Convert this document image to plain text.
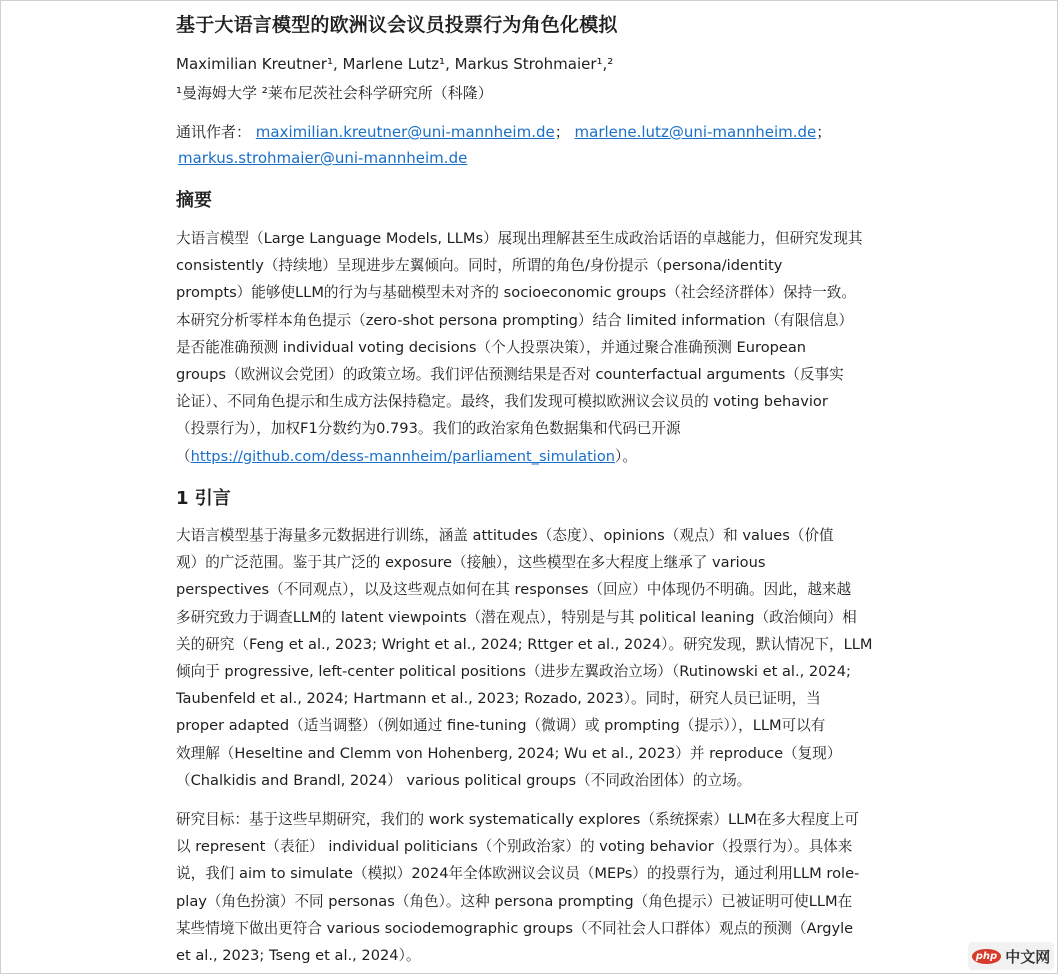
基于大语言模型的欧洲议会议员投票行为角色化模拟
Maximilian Kreutner¹, Marlene Lutz¹, Markus Strohmaier¹,²
¹曼海姆大学 ²莱布尼茨社会科学研究所（科隆）
通讯作者： maximilian.kreutner@uni-mannheim.de； marlene.lutz@uni-mannheim.de；
markus.strohmaier@uni-mannheim.de
摘要
大语言模型（Large Language Models, LLMs）展现出理解甚至生成政治话语的卓越能力，但研究发现其
consistently（持续地）呈现进步左翼倾向。同时，所谓的角色/身份提示（persona/identity
prompts）能够使LLM的行为与基础模型未对齐的 socioeconomic groups（社会经济群体）保持一致。
本研究分析零样本角色提示（zero-shot persona prompting）结合 limited information（有限信息）
是否能准确预测 individual voting decisions（个人投票决策），并通过聚合准确预测 European
groups（欧洲议会党团）的政策立场。我们评估预测结果是否对 counterfactual arguments（反事实
论证）、不同角色提示和生成方法保持稳定。最终，我们发现可模拟欧洲议会议员的 voting behavior
（投票行为），加权F1分数约为0.793。我们的政治家角色数据集和代码已开源
（https://github.com/dess-mannheim/parliament_simulation）。
1 引言
大语言模型基于海量多元数据进行训练，涵盖 attitudes（态度）、opinions（观点）和 values（价值
观）的广泛范围。鉴于其广泛的 exposure（接触），这些模型在多大程度上继承了 various
perspectives（不同观点），以及这些观点如何在其 responses（回应）中体现仍不明确。因此，越来越
多研究致力于调查LLM的 latent viewpoints（潜在观点），特别是与其 political leaning（政治倾向）相
关的研究（Feng et al., 2023; Wright et al., 2024; Rttger et al., 2024）。研究发现，默认情况下，LLM
倾向于 progressive, left-center political positions（进步左翼政治立场）（Rutinowski et al., 2024;
Taubenfeld et al., 2024; Hartmann et al., 2023; Rozado, 2023）。同时，研究人员已证明，当
proper adapted（适当调整）（例如通过 fine-tuning（微调）或 prompting（提示）），LLM可以有
效理解（Heseltine and Clemm von Hohenberg, 2024; Wu et al., 2023）并 reproduce（复现）
（Chalkidis and Brandl, 2024） various political groups（不同政治团体）的立场。
研究目标：基于这些早期研究，我们的 work systematically explores（系统探索）LLM在多大程度上可
以 represent（表征） individual politicians（个别政治家）的 voting behavior（投票行为）。具体来
说，我们 aim to simulate（模拟）2024年全体欧洲议会议员（MEPs）的投票行为，通过利用LLM role-
play（角色扮演）不同 personas（角色）。这种 persona prompting（角色提示）已被证明可使LLM在
某些情境下做出更符合 various sociodemographic groups（不同社会人口群体）观点的预测（Argyle
et al., 2023; Tseng et al., 2024）。	php 中文网
